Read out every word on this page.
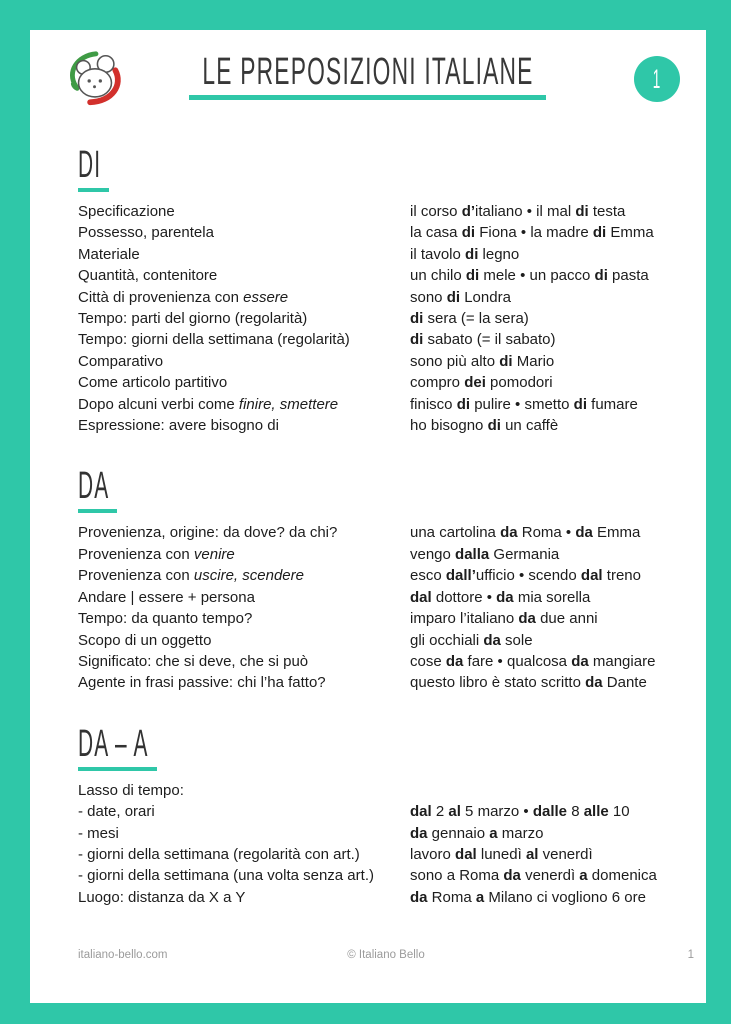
LE PREPOSIZIONI ITALIANE	1
DI
Specificazione	il corso d’italiano • il mal di testa
Possesso, parentela	la casa di Fiona • la madre di Emma
Materiale	il tavolo di legno
Quantità, contenitore	un chilo di mele • un pacco di pasta
Città di provenienza con essere	sono di Londra
Tempo: parti del giorno (regolarità)	di sera (= la sera)
Tempo: giorni della settimana (regolarità)	di sabato (= il sabato)
Comparativo	sono più alto di Mario
Come articolo partitivo	compro dei pomodori
Dopo alcuni verbi come finire, smettere	finisco di pulire • smetto di fumare
Espressione: avere bisogno di	ho bisogno di un caffè
DA
Provenienza, origine: da dove? da chi?	una cartolina da Roma • da Emma
Provenienza con venire	vengo dalla Germania
Provenienza con uscire, scendere	esco dall’ufficio • scendo dal treno
Andare | essere + persona	dal dottore • da mia sorella
Tempo: da quanto tempo?	imparo l’italiano da due anni
Scopo di un oggetto	gli occhiali da sole
Significato: che si deve, che si può	cose da fare • qualcosa da mangiare
Agente in frasi passive: chi l’ha fatto?	questo libro è stato scritto da Dante
DA – A
Lasso di tempo:
- date, orari	dal 2 al 5 marzo • dalle 8 alle 10
- mesi	da gennaio a marzo
- giorni della settimana (regolarità con art.)	lavoro dal lunedì al venerdì
- giorni della settimana (una volta senza art.)	sono a Roma da venerdì a domenica
Luogo: distanza da X a Y	da Roma a Milano ci vogliono 6 ore
italiano-bello.com	© Italiano Bello	1
